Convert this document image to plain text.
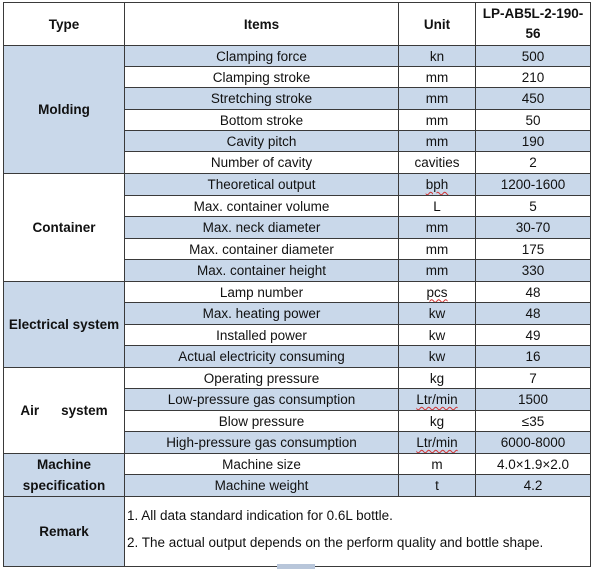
Type	Items	Unit	LP-AB5L-2-190-56
Molding	Clamping force	kn	500
	Clamping stroke	mm	210
	Stretching stroke	mm	450
	Bottom stroke	mm	50
	Cavity pitch	mm	190
	Number of cavity	cavities	2
Container	Theoretical output	bph	1200-1600
	Max. container volume	L	5
	Max. neck diameter	mm	30-70
	Max. container diameter	mm	175
	Max. container height	mm	330
Electrical system	Lamp number	pcs	48
	Max. heating power	kw	48
	Installed power	kw	49
	Actual electricity consuming	kw	16
Air system	Operating pressure	kg	7
	Low-pressure gas consumption	Ltr/min	1500
	Blow pressure	kg	≤35
	High-pressure gas consumption	Ltr/min	6000-8000
Machine
specification	Machine size	m	4.0×1.9×2.0
	Machine weight	t	4.2
Remark	1. All data standard indication for 0.6L bottle.
2. The actual output depends on the perform quality and bottle shape.		
